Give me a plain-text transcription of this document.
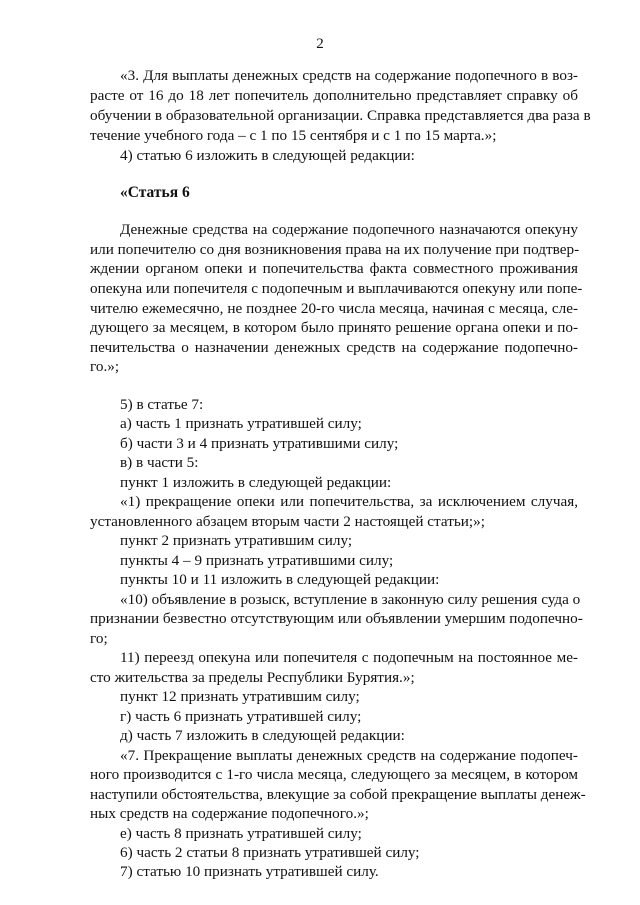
2
«3. Для выплаты денежных средств на содержание подопечного в воз-
расте от 16 до 18 лет попечитель дополнительно представляет справку об
обучении в образовательной организации. Справка представляется два раза в
течение учебного года – с 1 по 15 сентября и с 1 по 15 марта.»;
4) статью 6 изложить в следующей редакции:
«Статья 6
Денежные средства на содержание подопечного назначаются опекуну
или попечителю со дня возникновения права на их получение при подтвер-
ждении органом опеки и попечительства факта совместного проживания
опекуна или попечителя с подопечным и выплачиваются опекуну или попе-
чителю ежемесячно, не позднее 20-го числа месяца, начиная с месяца, сле-
дующего за месяцем, в котором было принято решение органа опеки и по-
печительства о назначении денежных средств на содержание подопечно-
го.»;
5) в статье 7:
а) часть 1 признать утратившей силу;
б) части 3 и 4 признать утратившими силу;
в) в части 5:
пункт 1 изложить в следующей редакции:
«1) прекращение опеки или попечительства, за исключением случая,
установленного абзацем вторым части 2 настоящей статьи;»;
пункт 2 признать утратившим силу;
пункты 4 – 9 признать утратившими силу;
пункты 10 и 11 изложить в следующей редакции:
«10) объявление в розыск, вступление в законную силу решения суда о
признании безвестно отсутствующим или объявлении умершим подопечно-
го;
11) переезд опекуна или попечителя с подопечным на постоянное ме-
сто жительства за пределы Республики Бурятия.»;
пункт 12 признать утратившим силу;
г) часть 6 признать утратившей силу;
д) часть 7 изложить в следующей редакции:
«7. Прекращение выплаты денежных средств на содержание подопеч-
ного производится с 1-го числа месяца, следующего за месяцем, в котором
наступили обстоятельства, влекущие за собой прекращение выплаты денеж-
ных средств на содержание подопечного.»;
е) часть 8 признать утратившей силу;
6) часть 2 статьи 8 признать утратившей силу;
7) статью 10 признать утратившей силу.
